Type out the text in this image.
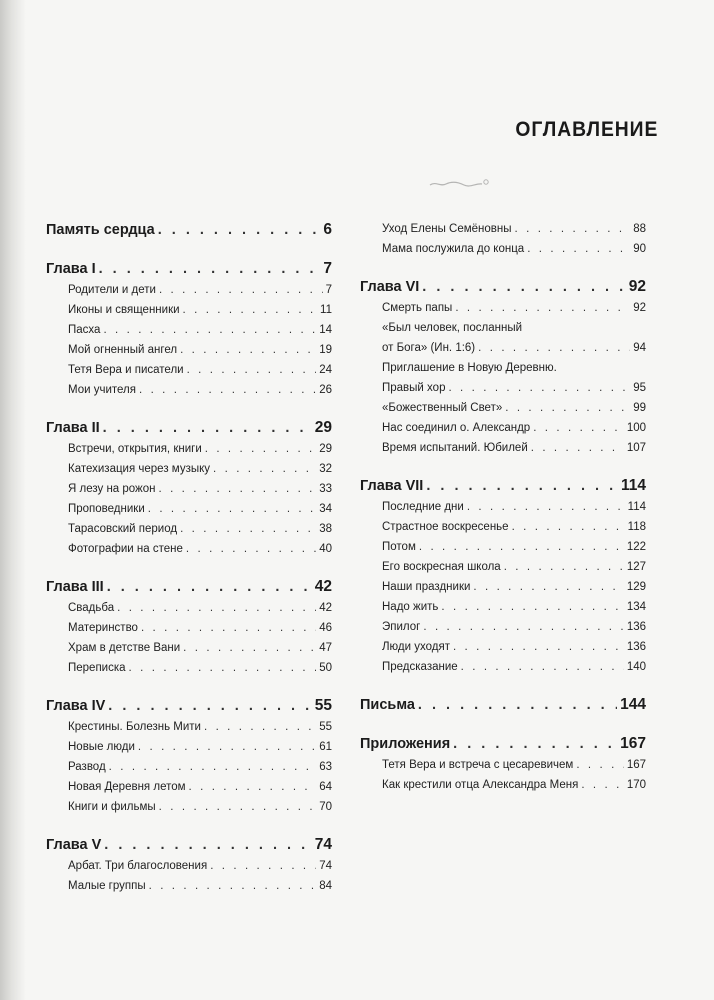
ОГЛАВЛЕНИЕ
Память сердца . . .	6
Глава I . . .	7
Родители и дети . . .	7
Иконы и священники . . .	11
Пасха . . .	14
Мой огненный ангел . . .	19
Тетя Вера и писатели . . .	24
Мои учителя . . .	26
Глава II . . .	29
Встречи, открытия, книги . . .	29
Катехизация через музыку . . .	32
Я лезу на рожон . . .	33
Проповедники . . .	34
Тарасовский период . . .	38
Фотографии на стене . . .	40
Глава III . . .	42
Свадьба . . .	42
Материнство . . .	46
Храм в детстве Вани . . .	47
Переписка . . .	50
Глава IV . . .	55
Крестины. Болезнь Мити . . .	55
Новые люди . . .	61
Развод . . .	63
Новая Деревня летом . . .	64
Книги и фильмы . . .	70
Глава V . . .	74
Арбат. Три благословения . . .	74
Малые группы . . .	84
Уход Елены Семёновны . . .	88
Мама послужила до конца . . .	90
Глава VI . . .	92
Смерть папы . . .	92
«Был человек, посланный
от Бога» (Ин. 1:6) . . .	94
Приглашение в Новую Деревню.
Правый хор . . .	95
«Божественный Свет» . . .	99
Нас соединил о. Александр . . .	100
Время испытаний. Юбилей . . .	107
Глава VII . . .	114
Последние дни . . .	114
Страстное воскресенье . . .	118
Потом . . .	122
Его воскресная школа . . .	127
Наши праздники . . .	129
Надо жить . . .	134
Эпилог . . .	136
Люди уходят . . .	136
Предсказание . . .	140
Письма . . .	144
Приложения . . .	167
Тетя Вера и встреча с цесаревичем . . .	167
Как крестили отца Александра Меня . . .	170
